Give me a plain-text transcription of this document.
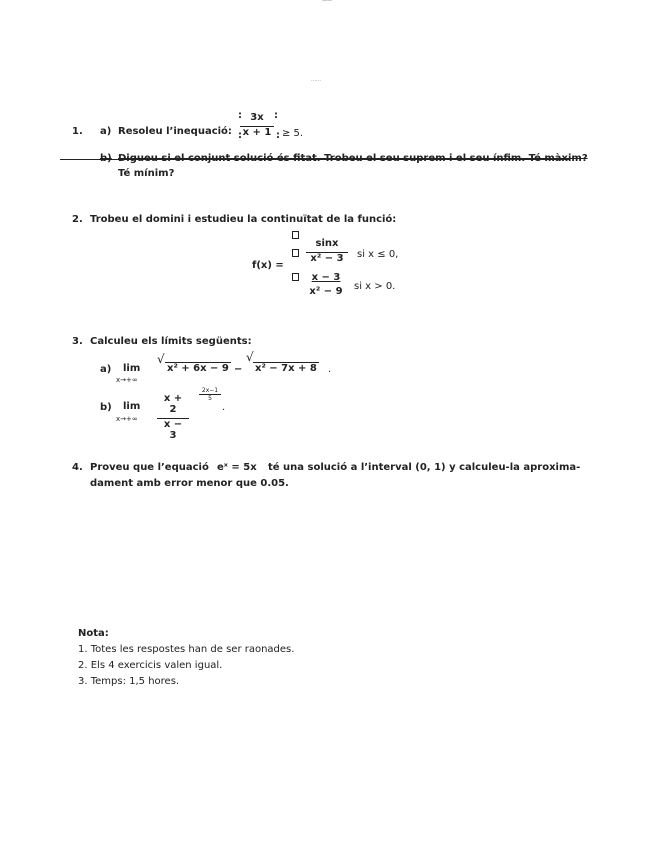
——
……
1. a) Resoleu l’inequació:
:	:
$\frac{3x}{x + 1}$
:	: ≥ 5.
b) Digueu si el conjunt solució és fitat. Trobeu el seu suprem i el seu ínfim. Té màxim?
Té mínim?
2. Trobeu el domini i estudieu la continuïtat de la funció:
f(x) =
$\frac{\sin x}{\text{x² − 3}}$ si x ≤ 0,
$\frac{x - 3}{\text{x² − 9}}$ si x > 0.
3. Calculeu els límits següents:
a) lim
x→+∞
√
x² + 6x − 9 −
√
x² − 7x + 8 .
b) lim
$x\to+\infty \frac{x + 2}{x - 3} \frac{2x-1}{5}$
.
4. Proveu que l’equació eˣ = 5x té una solució a l’interval (0, 1) y calculeu-la aproxima-
dament amb error menor que 0.05.
Nota:
1. Totes les respostes han de ser raonades.
2. Els 4 exercicis valen igual.
3. Temps: 1,5 hores.
